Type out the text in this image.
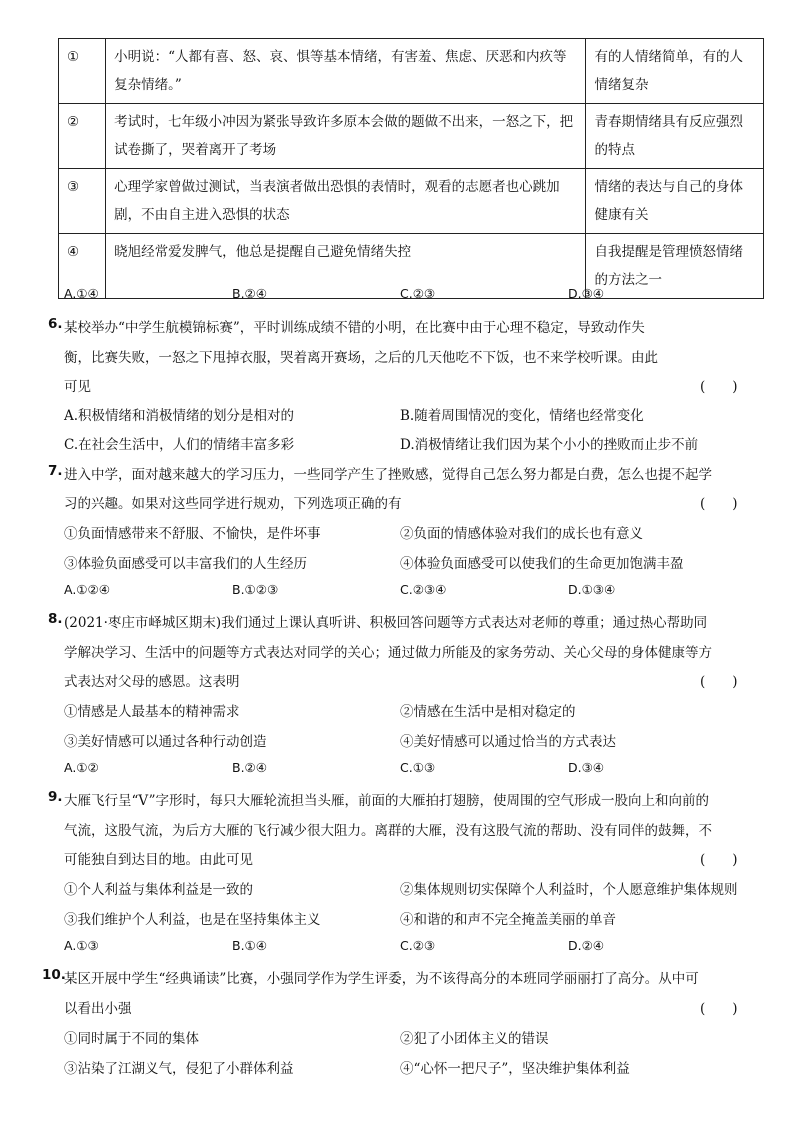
①	小明说：“人都有喜、怒、哀、惧等基本情绪，有害羞、焦虑、厌恶和内疚等复杂情绪。”	有的人情绪简单，有的人情绪复杂
②	考试时，七年级小冲因为紧张导致许多原本会做的题做不出来，一怒之下，把试卷撕了，哭着离开了考场	青春期情绪具有反应强烈的特点
③	心理学家曾做过测试，当表演者做出恐惧的表情时，观看的志愿者也心跳加剧，不由自主进入恐惧的状态	情绪的表达与自己的身体健康有关
④	晓旭经常爱发脾气，他总是提醒自己避免情绪失控	自我提醒是管理愤怒情绪的方法之一
A.①④	B.②④	C.②③	D.③④
6. 某校举办“中学生航模锦标赛”，平时训练成绩不错的小明，在比赛中由于心理不稳定，导致动作失
衡，比赛失败，一怒之下甩掉衣服，哭着离开赛场，之后的几天他吃不下饭，也不来学校听课。由此
可见	(　　)
A.积极情绪和消极情绪的划分是相对的	B.随着周围情况的变化，情绪也经常变化
C.在社会生活中，人们的情绪丰富多彩	D.消极情绪让我们因为某个小小的挫败而止步不前
7. 进入中学，面对越来越大的学习压力，一些同学产生了挫败感，觉得自己怎么努力都是白费，怎么也提不起学
习的兴趣。如果对这些同学进行规劝，下列选项正确的有	(　　)
①负面情感带来不舒服、不愉快，是件坏事	②负面的情感体验对我们的成长也有意义
③体验负面感受可以丰富我们的人生经历	④体验负面感受可以使我们的生命更加饱满丰盈
A.①②④	B.①②③	C.②③④	D.①③④
8. (2021·枣庄市峄城区期末)我们通过上课认真听讲、积极回答问题等方式表达对老师的尊重；通过热心帮助同
学解决学习、生活中的问题等方式表达对同学的关心；通过做力所能及的家务劳动、关心父母的身体健康等方
式表达对父母的感恩。这表明	(　　)
①情感是人最基本的精神需求	②情感在生活中是相对稳定的
③美好情感可以通过各种行动创造	④美好情感可以通过恰当的方式表达
A.①②	B.②④	C.①③	D.③④
9. 大雁飞行呈“V”字形时，每只大雁轮流担当头雁，前面的大雁拍打翅膀，使周围的空气形成一股向上和向前的
气流，这股气流，为后方大雁的飞行减少很大阻力。离群的大雁，没有这股气流的帮助、没有同伴的鼓舞，不
可能独自到达目的地。由此可见	(　　)
①个人利益与集体利益是一致的	②集体规则切实保障个人利益时，个人愿意维护集体规则
③我们维护个人利益，也是在坚持集体主义	④和谐的和声不完全掩盖美丽的单音
A.①③	B.①④	C.②③	D.②④
10.
某区开展中学生“经典诵读”比赛，小强同学作为学生评委，为不该得高分的本班同学丽丽打了高分。从中可
以看出小强	(　　)
①同时属于不同的集体	②犯了小团体主义的错误
③沾染了江湖义气，侵犯了小群体利益	④“心怀一把尺子”，坚决维护集体利益
